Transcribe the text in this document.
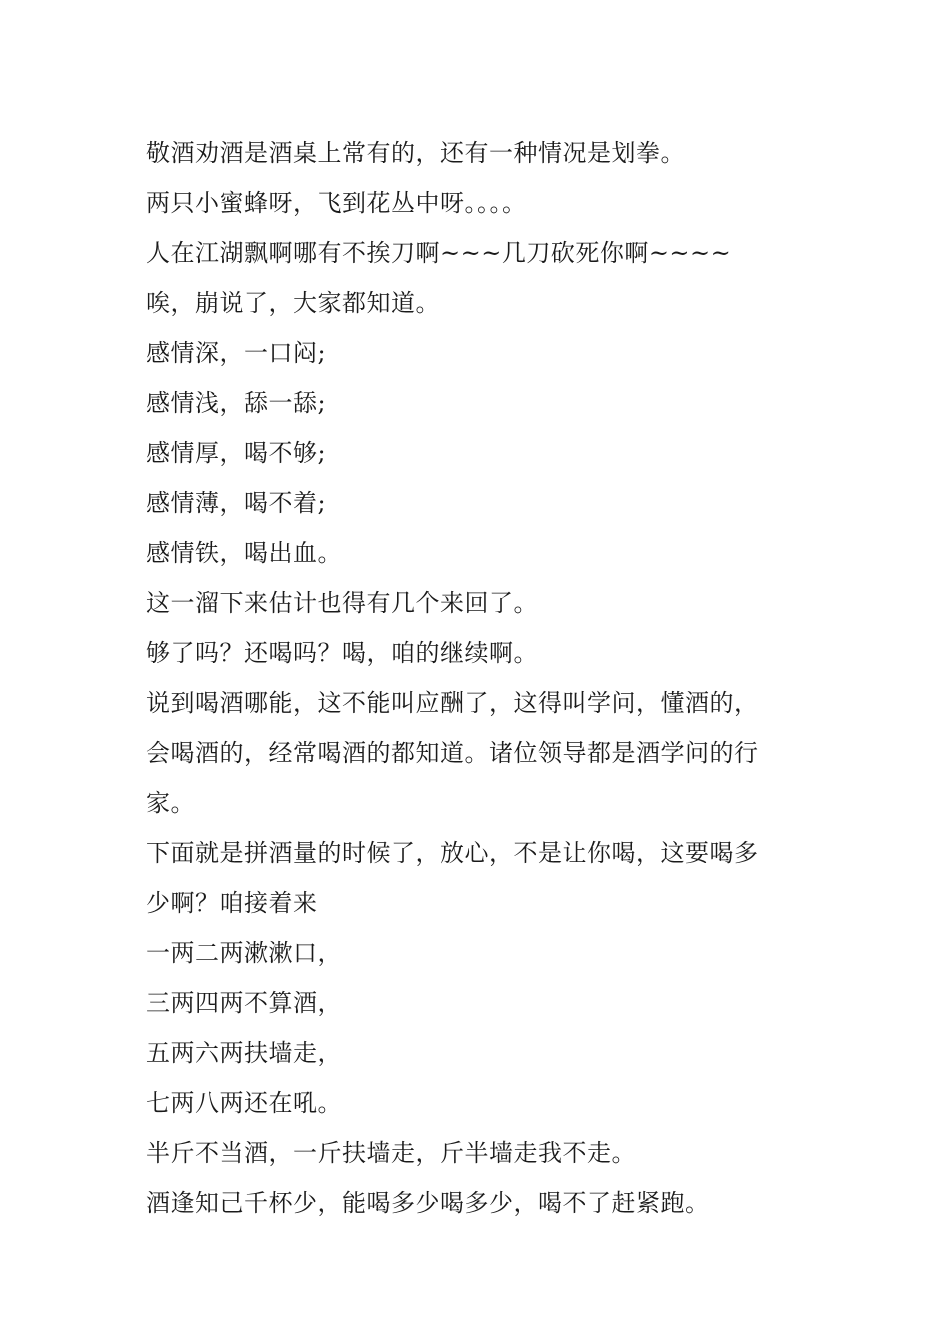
敬酒劝酒是酒桌上常有的，还有一种情况是划拳。
两只小蜜蜂呀，飞到花丛中呀。。。。
人在江湖飘啊哪有不挨刀啊~~~几刀砍死你啊~~~~
唉，崩说了，大家都知道。
感情深，一口闷;
感情浅，舔一舔;
感情厚，喝不够;
感情薄，喝不着;
感情铁，喝出血。
这一溜下来估计也得有几个来回了。
够了吗？还喝吗？喝，咱的继续啊。
说到喝酒哪能，这不能叫应酬了，这得叫学问，懂酒的，
会喝酒的，经常喝酒的都知道。诸位领导都是酒学问的行
家。
下面就是拼酒量的时候了，放心，不是让你喝，这要喝多
少啊？咱接着来
一两二两漱漱口，
三两四两不算酒，
五两六两扶墙走，
七两八两还在吼。
半斤不当酒，一斤扶墙走，斤半墙走我不走。
酒逢知己千杯少，能喝多少喝多少，喝不了赶紧跑。
